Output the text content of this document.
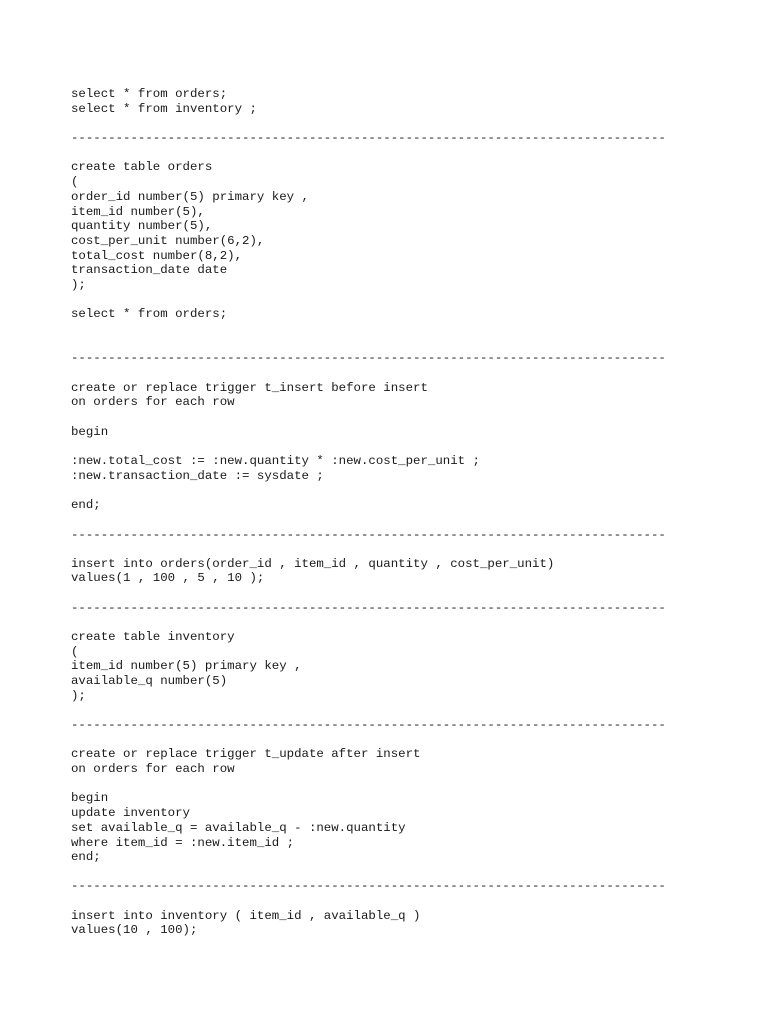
select * from orders;

select * from inventory ;

--------------------------------------------------------------------------------

create table orders

(

order_id number(5) primary key ,

item_id number(5),

quantity number(5),

cost_per_unit number(6,2),

total_cost number(8,2),

transaction_date date

);

select * from orders;

--------------------------------------------------------------------------------

create or replace trigger t_insert before insert

on orders for each row

begin

:new.total_cost := :new.quantity * :new.cost_per_unit ;

:new.transaction_date := sysdate ;

end;

--------------------------------------------------------------------------------

insert into orders(order_id , item_id , quantity , cost_per_unit)

values(1 , 100 , 5 , 10 );

--------------------------------------------------------------------------------

create table inventory

(

item_id number(5) primary key ,

available_q number(5)

);

--------------------------------------------------------------------------------

create or replace trigger t_update after insert

on orders for each row

begin

update inventory

set available_q = available_q - :new.quantity

where item_id = :new.item_id ;

end;

--------------------------------------------------------------------------------

insert into inventory ( item_id , available_q )

values(10 , 100);
